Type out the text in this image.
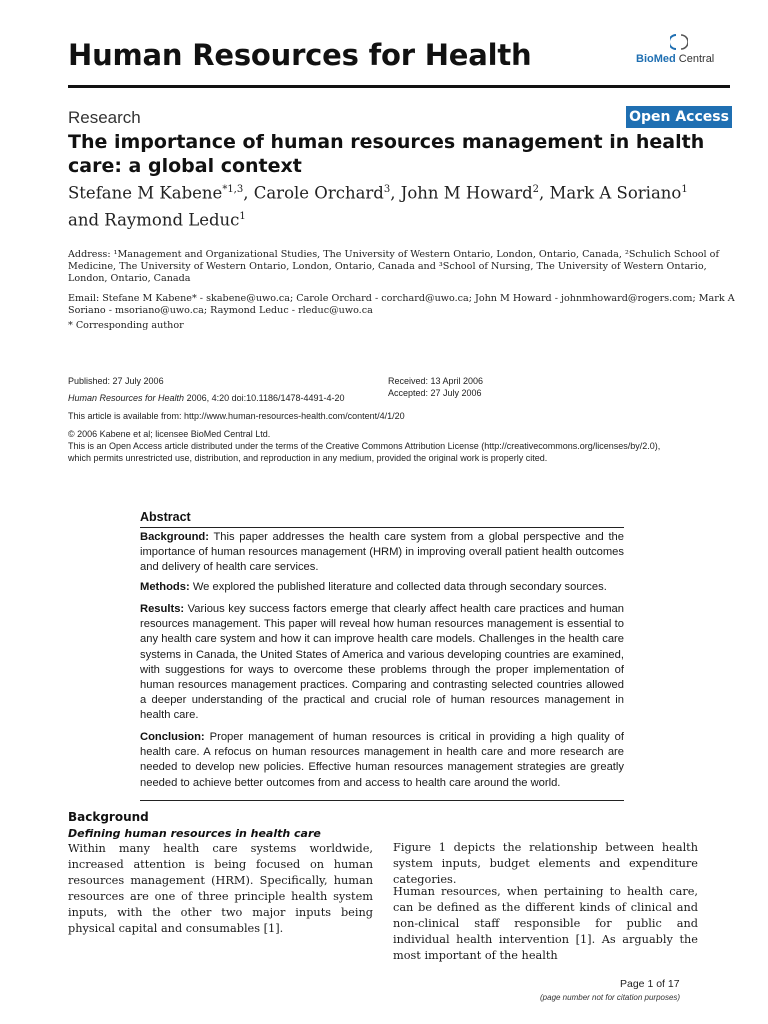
Human Resources for Health	BioMed Central
Research	Open Access
The importance of human resources management in health care: a global context
Stefane M Kabene$^{*1,3}$, Carole Orchard$^3$, John M Howard$^2$, Mark A Soriano$^1$
and Raymond Leduc$^1$
Address: ¹Management and Organizational Studies, The University of Western Ontario, London, Ontario, Canada, ²Schulich School of Medicine, The University of Western Ontario, London, Ontario, Canada and ³School of Nursing, The University of Western Ontario, London, Ontario, Canada
Email: Stefane M Kabene* - skabene@uwo.ca; Carole Orchard - corchard@uwo.ca; John M Howard - johnmhoward@rogers.com; Mark A Soriano - msoriano@uwo.ca; Raymond Leduc - rleduc@uwo.ca
* Corresponding author
Published: 27 July 2006	Received: 13 April 2006
Accepted: 27 July 2006
Human Resources for Health 2006, 4:20 doi:10.1186/1478-4491-4-20
This article is available from: http://www.human-resources-health.com/content/4/1/20
© 2006 Kabene et al; licensee BioMed Central Ltd.
This is an Open Access article distributed under the terms of the Creative Commons Attribution License (http://creativecommons.org/licenses/by/2.0),
which permits unrestricted use, distribution, and reproduction in any medium, provided the original work is properly cited.
Abstract
Background: This paper addresses the health care system from a global perspective and the importance of human resources management (HRM) in improving overall patient health outcomes and delivery of health care services.
Methods: We explored the published literature and collected data through secondary sources.
Results: Various key success factors emerge that clearly affect health care practices and human resources management. This paper will reveal how human resources management is essential to any health care system and how it can improve health care models. Challenges in the health care systems in Canada, the United States of America and various developing countries are examined, with suggestions for ways to overcome these problems through the proper implementation of human resources management practices. Comparing and contrasting selected countries allowed a deeper understanding of the practical and crucial role of human resources management in health care.
Conclusion: Proper management of human resources is critical in providing a high quality of health care. A refocus on human resources management in health care and more research are needed to develop new policies. Effective human resources management strategies are greatly needed to achieve better outcomes from and access to health care around the world.
Background
Defining human resources in health care
Within many health care systems worldwide, increased attention is being focused on human resources management (HRM). Specifically, human resources are one of three principle health system inputs, with the other two major inputs being physical capital and consumables [1].
Figure 1 depicts the relationship between health system inputs, budget elements and expenditure categories.
Human resources, when pertaining to health care, can be defined as the different kinds of clinical and non-clinical staff responsible for public and individual health intervention [1]. As arguably the most important of the health
Page 1 of 17
(page number not for citation purposes)
